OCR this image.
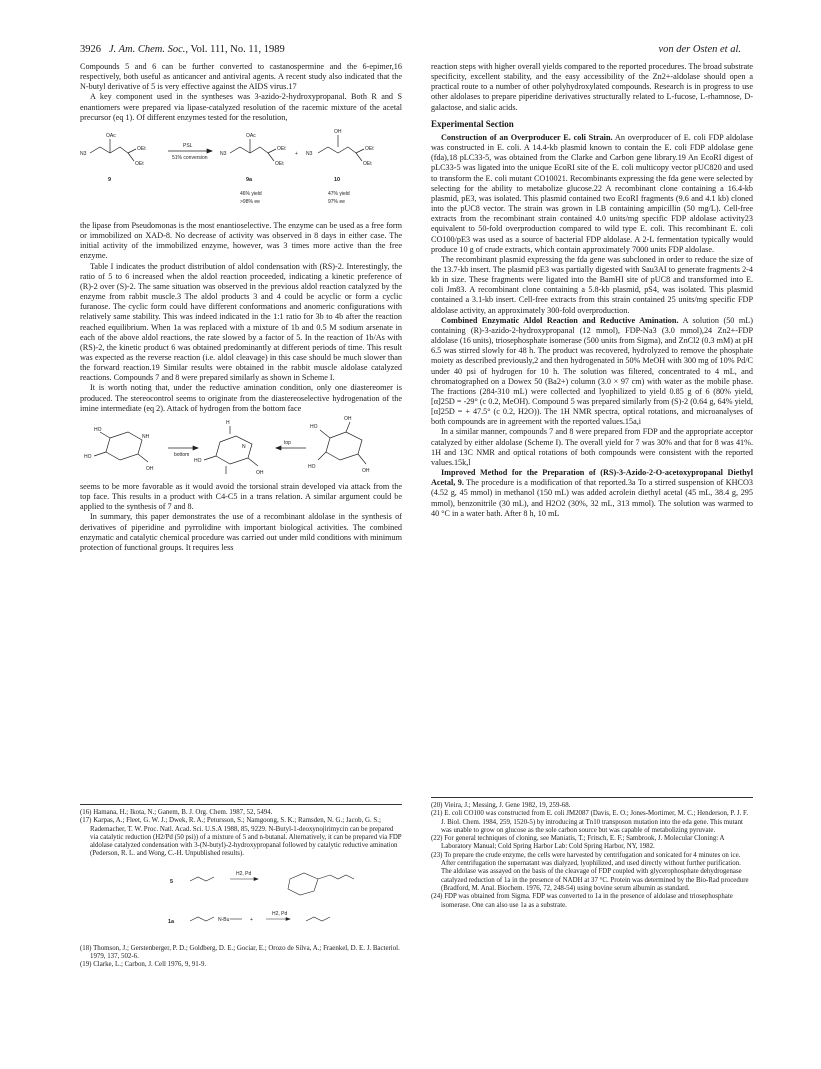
3926 J. Am. Chem. Soc., Vol. 111, No. 11, 1989	von der Osten et al.

Compounds 5 and 6 can be further converted to castanospermine and the 6-epimer,16 respectively, both useful as anticancer and antiviral agents. A recent study also indicated that the N-butyl derivative of 5 is very effective against the AIDS virus.17

A key component used in the syntheses was 3-azido-2-hydroxypropanal. Both R and S enantiomers were prepared via lipase-catalyzed resolution of the racemic mixture of the acetal precursor (eq 1). Of different enzymes tested for the resolution,

N3
OAc
OEt
OEt
9
PSL
51% conversion
N3
OAc
OEt
OEt
9a
46% yield
>98% ee
+ N3
OH
OEt
OEt
10
47% yield
97% ee

the lipase from Pseudomonas is the most enantioselective. The enzyme can be used as a free form or immobilized on XAD-8. No decrease of activity was observed in 8 days in either case. The initial activity of the immobilized enzyme, however, was 3 times more active than the free enzyme.

Table I indicates the product distribution of aldol condensation with (RS)-2. Interestingly, the ratio of 5 to 6 increased when the aldol reaction proceeded, indicating a kinetic preference of (R)-2 over (S)-2. The same situation was observed in the previous aldol reaction catalyzed by the enzyme from rabbit muscle.3 The aldol products 3 and 4 could be acyclic or form a cyclic furanose. The cyclic form could have different conformations and anomeric configurations with relatively same stability. This was indeed indicated in the 1:1 ratio for 3b to 4b after the reaction reached equilibrium. When 1a was replaced with a mixture of 1b and 0.5 M sodium arsenate in each of the above aldol reactions, the rate slowed by a factor of 5. In the reaction of 1b/As with (RS)-2, the kinetic product 6 was obtained predominantly at different periods of time. This result was expected as the reverse reaction (i.e. aldol cleavage) in this case should be much slower than the forward reaction.19 Similar results were obtained in the rabbit muscle aldolase catalyzed reactions. Compounds 7 and 8 were prepared similarly as shown in Scheme I.

It is worth noting that, under the reductive amination condition, only one diastereomer is produced. The stereocontrol seems to originate from the diastereoselective hydrogenation of the imine intermediate (eq 2). Attack of hydrogen from the bottom face

HO
NH
HO
OH
bottom
N
H
HO
OH
top
OH
HO
HO
OH

seems to be more favorable as it would avoid the torsional strain developed via attack from the top face. This results in a product with C4-C5 in a trans relation. A similar argument could be applied to the synthesis of 7 and 8.

In summary, this paper demonstrates the use of a recombinant aldolase in the synthesis of derivatives of piperidine and pyrrolidine with important biological activities. The combined enzymatic and catalytic chemical procedure was carried out under mild conditions with minimum protection of functional groups. It requires less

(16) Hamana, H.; Ikota, N.; Ganem, B. J. Org. Chem. 1987, 52, 5494.

(17) Karpas, A.; Fleet, G. W. J.; Dwek, R. A.; Petursson, S.; Namgoong, S. K.; Ramsden, N. G.; Jacob, G. S.; Rademacher, T. W. Proc. Natl. Acad. Sci. U.S.A 1988, 85, 9229. N-Butyl-1-deoxynojirimycin can be prepared via catalytic reduction (H2/Pd (50 psi)) of a mixture of 5 and n-butanal. Alternatively, it can be prepared via FDP aldolase catalyzed condensation with 3-(N-butyl)-2-hydroxypropanal followed by catalytic reductive amination (Pederson, R. L. and Wong, C.-H. Unpublished results).

5
H2, Pd
1a	N-Bu	+
H2, Pd

(18) Thomson, J.; Gerstenberger, P. D.; Goldberg, D. E.; Gociar, E.; Orozo de Silva, A.; Fraenkel, D. E. J. Bacteriol. 1979, 137, 502-6.

(19) Clarke, L.; Carbon, J. Cell 1976, 9, 91-9.

reaction steps with higher overall yields compared to the reported procedures. The broad substrate specificity, excellent stability, and the easy accessibility of the Zn2+-aldolase should open a practical route to a number of other polyhydroxylated compounds. Research is in progress to use other aldolases to prepare piperidine derivatives structurally related to L-fucose, L-rhamnose, D-galactose, and sialic acids.

Experimental Section

Construction of an Overproducer E. coli Strain. An overproducer of E. coli FDP aldolase was constructed in E. coli. A 14.4-kb plasmid known to contain the E. coli FDP aldolase gene (fda),18 pLC33-5, was obtained from the Clarke and Carbon gene library.19 An EcoRI digest of pLC33-5 was ligated into the unique EcoRI site of the E. coli multicopy vector pUC820 and used to transform the E. coli mutant CO10021. Recombinants expressing the fda gene were selected by selecting for the ability to metabolize glucose.22 A recombinant clone containing a 16.4-kb plasmid, pE3, was isolated. This plasmid contained two EcoRI fragments (9.6 and 4.1 kb) cloned into the pUC8 vector. The strain was grown in LB containing ampicillin (50 mg/L). Cell-free extracts from the recombinant strain contained 4.0 units/mg specific FDP aldolase activity23 equivalent to 50-fold overproduction compared to wild type E. coli. This recombinant E. coli CO100/pE3 was used as a source of bacterial FDP aldolase. A 2-L fermentation typically would produce 10 g of crude extracts, which contain approximately 7000 units FDP aldolase.

The recombinant plasmid expressing the fda gene was subcloned in order to reduce the size of the 13.7-kb insert. The plasmid pE3 was partially digested with Sau3AI to generate fragments 2-4 kb in size. These fragments were ligated into the BamHI site of pUC8 and transformed into E. coli Jm83. A recombinant clone containing a 5.8-kb plasmid, pS4, was isolated. This plasmid contained a 3.1-kb insert. Cell-free extracts from this strain contained 25 units/mg specific FDP aldolase activity, an approximately 300-fold overproduction.

Combined Enzymatic Aldol Reaction and Reductive Amination. A solution (50 mL) containing (R)-3-azido-2-hydroxypropanal (12 mmol), FDP-Na3 (3.0 mmol),24 Zn2+-FDP aldolase (16 units), triosephosphate isomerase (500 units from Sigma), and ZnCl2 (0.3 mM) at pH 6.5 was stirred slowly for 48 h. The product was recovered, hydrolyzed to remove the phosphate moiety as described previously,2 and then hydrogenated in 50% MeOH with 300 mg of 10% Pd/C under 40 psi of hydrogen for 10 h. The solution was filtered, concentrated to 4 mL, and chromatographed on a Dowex 50 (Ba2+) column (3.0 × 97 cm) with water as the mobile phase. The fractions (284-310 mL) were collected and lyophilized to yield 0.85 g of 6 (80% yield, [α]25D = -29° (c 0.2, MeOH). Compound 5 was prepared similarly from (S)-2 (0.64 g, 64% yield, [α]25D = + 47.5° (c 0.2, H2O)). The 1H NMR spectra, optical rotations, and microanalyses of both compounds are in agreement with the reported values.15a,i

In a similar manner, compounds 7 and 8 were prepared from FDP and the appropriate acceptor catalyzed by either aldolase (Scheme I). The overall yield for 7 was 30% and that for 8 was 41%. 1H and 13C NMR and optical rotations of both compounds were consistent with the reported values.15k,l

Improved Method for the Preparation of (RS)-3-Azido-2-O-acetoxypropanal Diethyl Acetal, 9. The procedure is a modification of that reported.3a To a stirred suspension of KHCO3 (4.52 g, 45 mmol) in methanol (150 mL) was added acrolein diethyl acetal (45 mL, 38.4 g, 295 mmol), benzonitrile (30 mL), and H2O2 (30%, 32 mL, 313 mmol). The solution was warmed to 40 °C in a water bath. After 8 h, 10 mL

(20) Vieira, J.; Messing, J. Gene 1982, 19, 259-68.

(21) E. coli CO100 was constructed from E. coli JM2087 (Davis, E. O.; Jones-Mortimer, M. C.; Henderson, P. J. F. J. Biol. Chem. 1984, 259, 1520-5) by introducing at Tn10 transposon mutation into the eda gene. This mutant was unable to grow on glucose as the sole carbon source but was capable of metabolizing pyruvate.

(22) For general techniques of cloning, see Maniatis, T.; Fritsch, E. F.; Sambrook, J. Molecular Cloning: A Laboratory Manual; Cold Spring Harbor Lab: Cold Spring Harbor, NY, 1982.

(23) To prepare the crude enzyme, the cells were harvested by centrifugation and sonicated for 4 minutes on ice. After centrifugation the supernatant was dialyzed, lyophilized, and used directly without further purification. The aldolase was assayed on the basis of the cleavage of FDP coupled with glycerophosphate dehydrogenase catalyzed reduction of 1a in the presence of NADH at 37 °C. Protein was determined by the Bio-Rad procedure (Bradford, M. Anal. Biochem. 1976, 72, 248-54) using bovine serum albumin as standard.

(24) FDP was obtained from Sigma. FDP was converted to 1a in the presence of aldolase and triosephosphate isomerase. One can also use 1a as a substrate.
